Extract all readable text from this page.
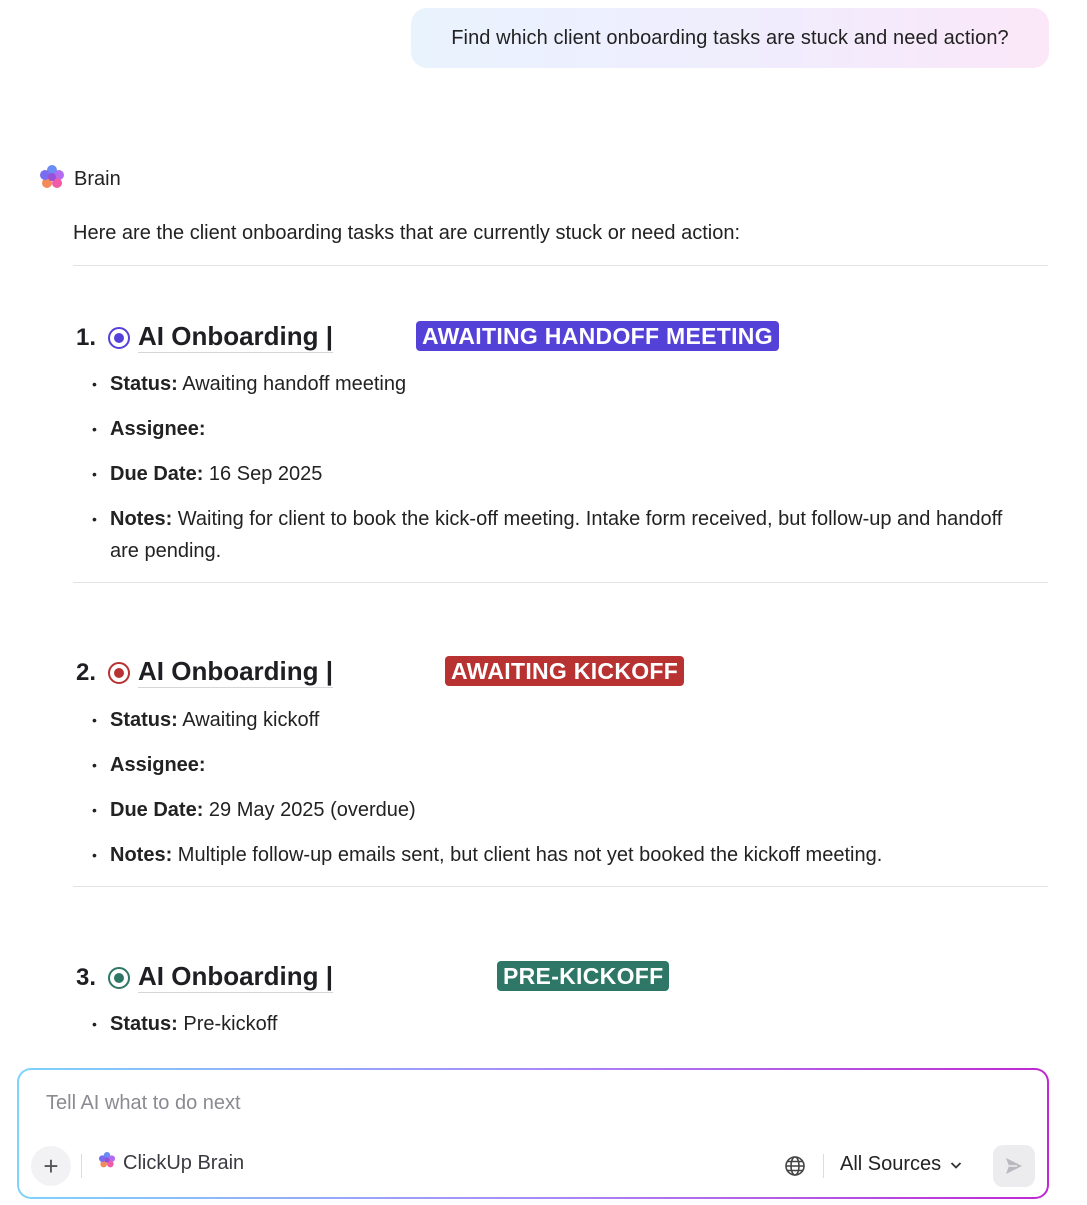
Find which client onboarding tasks are stuck and need action?
Brain
Here are the client onboarding tasks that are currently stuck or need action:
1.	AI Onboarding |	AWAITING HANDOFF MEETING
• Status: Awaiting handoff meeting
• Assignee:
• Due Date: 16 Sep 2025
• Notes: Waiting for client to book the kick-off meeting. Intake form received, but follow-up and handoff are pending.
2.	AI Onboarding |	AWAITING KICKOFF
• Status: Awaiting kickoff
• Assignee:
• Due Date: 29 May 2025 (overdue)
• Notes: Multiple follow-up emails sent, but client has not yet booked the kickoff meeting.
3.	AI Onboarding |	PRE-KICKOFF
• Status: Pre-kickoff
Tell AI what to do next
+	ClickUp Brain	All Sources
